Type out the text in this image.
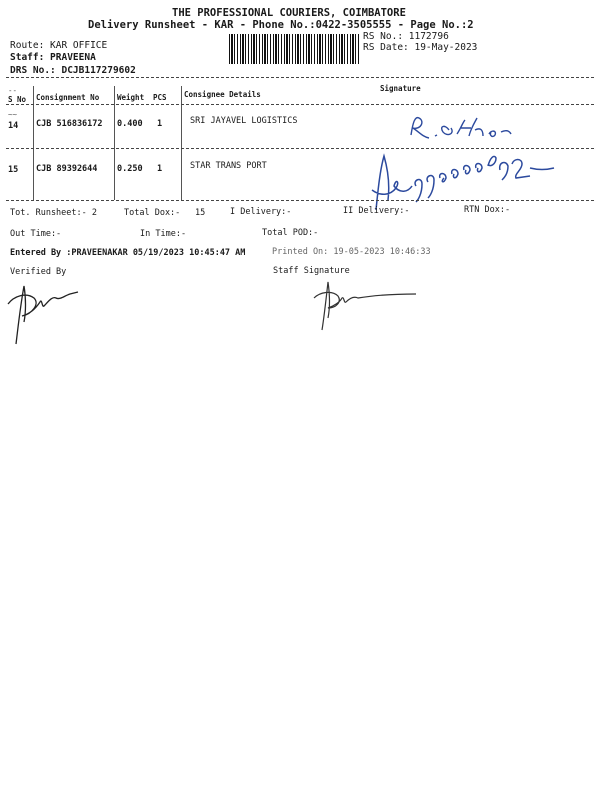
THE PROFESSIONAL COURIERS, COIMBATORE
Delivery Runsheet - KAR - Phone No.:0422-3505555 - Page No.:2
Route: KAR OFFICE
Staff: PRAVEENA
DRS No.: DCJB117279602
RS No.: 1172796
RS Date: 19-May-2023
--
S No Consignment No Weight PCS Consignee Details
Signature
~~
14 CJB 516836172 0.400 1	SRI JAYAVEL LOGISTICS
15 CJB 89392644 0.250 1	STAR TRANS PORT
Tot. Runsheet:- 2	Total Dox:- 15	I Delivery:-	II Delivery:-	RTN Dox:-
Out Time:-	In Time:-	Total POD:-
Entered By :PRAVEENAKAR 05/19/2023 10:45:47 AM	Printed On: 19-05-2023 10:46:33
Verified By	Staff Signature
